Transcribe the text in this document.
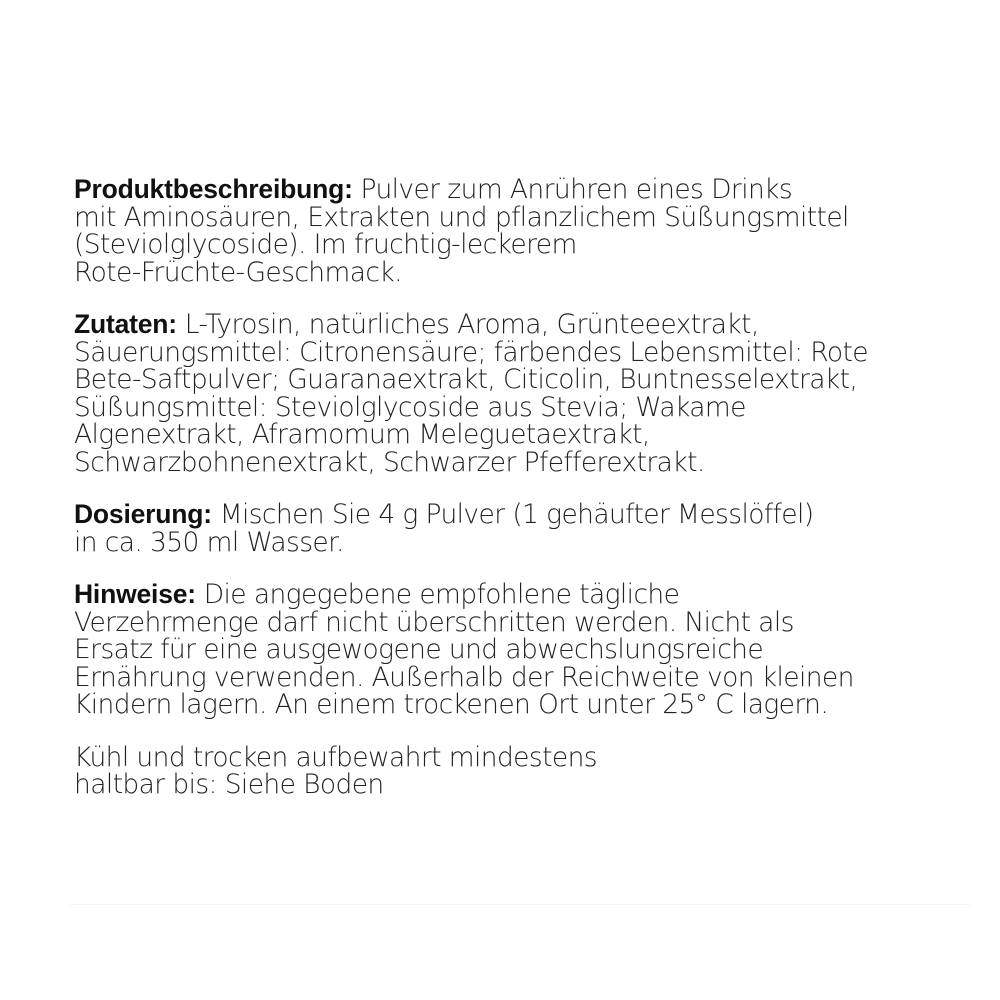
Produktbeschreibung: Pulver zum Anrühren eines Drinks
mit Aminosäuren, Extrakten und pflanzlichem Süßungsmittel
(Steviolglycoside). Im fruchtig-leckerem
Rote-Früchte-Geschmack.
Zutaten: L-Tyrosin, natürliches Aroma, Grünteeextrakt,
Säuerungsmittel: Citronensäure; färbendes Lebensmittel: Rote
Bete-Saftpulver; Guaranaextrakt, Citicolin, Buntnesselextrakt,
Süßungsmittel: Steviolglycoside aus Stevia; Wakame
Algenextrakt, Aframomum Meleguetaextrakt,
Schwarzbohnenextrakt, Schwarzer Pfefferextrakt.
Dosierung: Mischen Sie 4 g Pulver (1 gehäufter Messlöffel)
in ca. 350 ml Wasser.
Hinweise: Die angegebene empfohlene tägliche
Verzehrmenge darf nicht überschritten werden. Nicht als
Ersatz für eine ausgewogene und abwechslungsreiche
Ernährung verwenden. Außerhalb der Reichweite von kleinen
Kindern lagern. An einem trockenen Ort unter 25° C lagern.
Kühl und trocken aufbewahrt mindestens
haltbar bis: Siehe Boden
